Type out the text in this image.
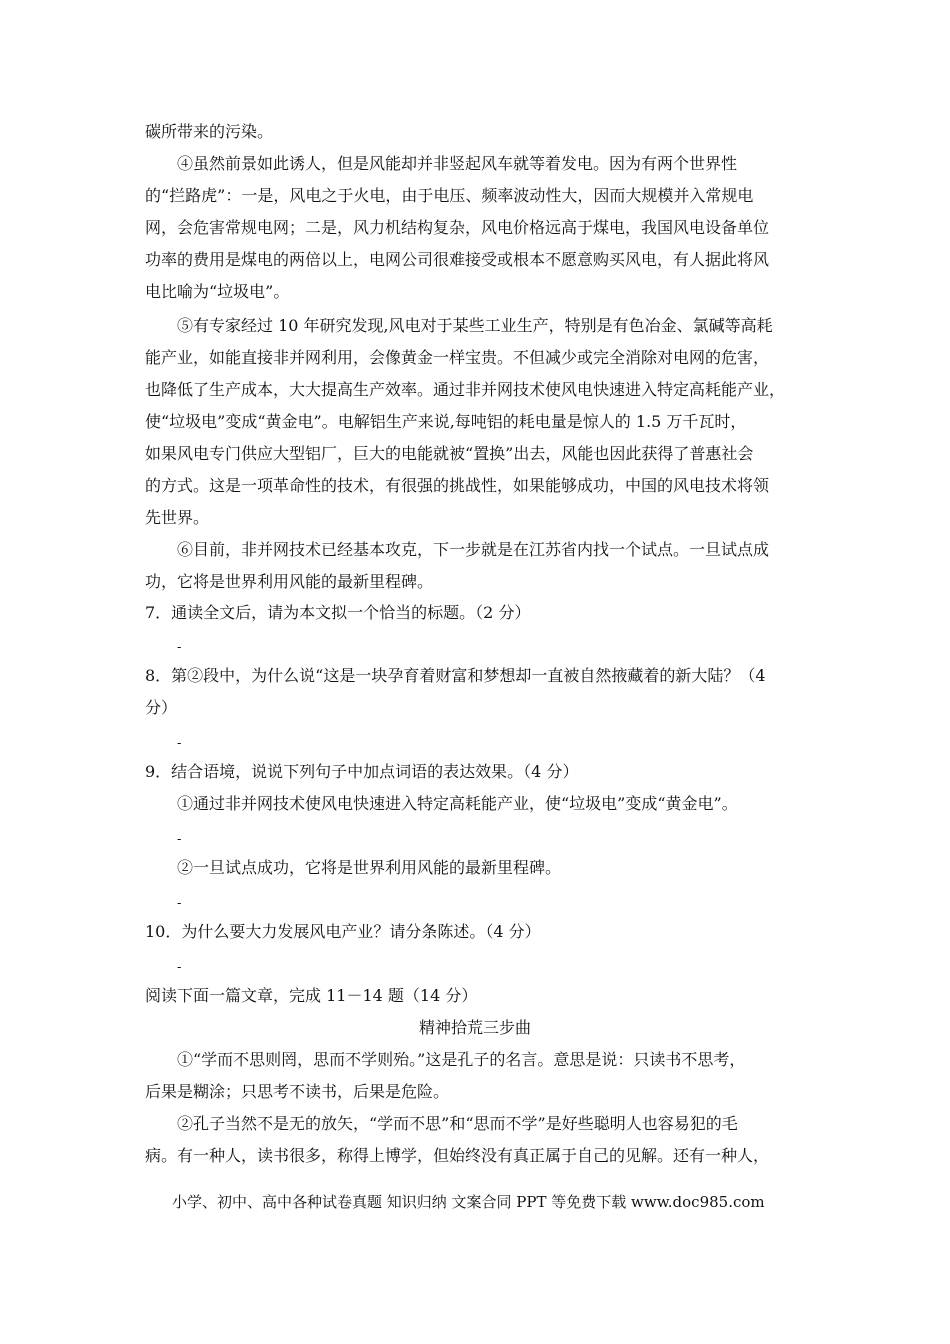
碳所带来的污染。
④虽然前景如此诱人，但是风能却并非竖起风车就等着发电。因为有两个世界性
的“拦路虎”：一是，风电之于火电，由于电压、频率波动性大，因而大规模并入常规电
网，会危害常规电网；二是，风力机结构复杂，风电价格远高于煤电，我国风电设备单位
功率的费用是煤电的两倍以上，电网公司很难接受或根本不愿意购买风电，有人据此将风
电比喻为“垃圾电”。
⑤有专家经过 10 年研究发现,风电对于某些工业生产，特别是有色冶金、氯碱等高耗
能产业，如能直接非并网利用，会像黄金一样宝贵。不但减少或完全消除对电网的危害，
也降低了生产成本，大大提高生产效率。通过非并网技术使风电快速进入特定高耗能产业，
使“垃圾电”变成“黄金电”。电解铝生产来说,每吨铝的耗电量是惊人的 1.5 万千瓦时，
如果风电专门供应大型铝厂，巨大的电能就被“置换”出去，风能也因此获得了普惠社会
的方式。这是一项革命性的技术，有很强的挑战性，如果能够成功，中国的风电技术将领
先世界。
⑥目前，非并网技术已经基本攻克，下一步就是在江苏省内找一个试点。一旦试点成
功，它将是世界利用风能的最新里程碑。
7．通读全文后，请为本文拟一个恰当的标题。（2 分）
-
8．第②段中，为什么说“这是一块孕育着财富和梦想却一直被自然掖藏着的新大陆？（4
分）
-
9．结合语境，说说下列句子中加点词语的表达效果。（4 分）
①通过非并网技术使风电快速进入特定高耗能产业，使“垃圾电”变成“黄金电”。
-
②一旦试点成功，它将是世界利用风能的最新里程碑。
-
10．为什么要大力发展风电产业？请分条陈述。（4 分）
-
阅读下面一篇文章，完成 11－14 题（14 分）
精神拾荒三步曲
①“学而不思则罔，思而不学则殆。”这是孔子的名言。意思是说：只读书不思考，
后果是糊涂；只思考不读书，后果是危险。
②孔子当然不是无的放矢，“学而不思”和“思而不学”是好些聪明人也容易犯的毛
病。有一种人，读书很多，称得上博学，但始终没有真正属于自己的见解。还有一种人，
小学、初中、高中各种试卷真题 知识归纳 文案合同 PPT 等免费下载 www.doc985.com
